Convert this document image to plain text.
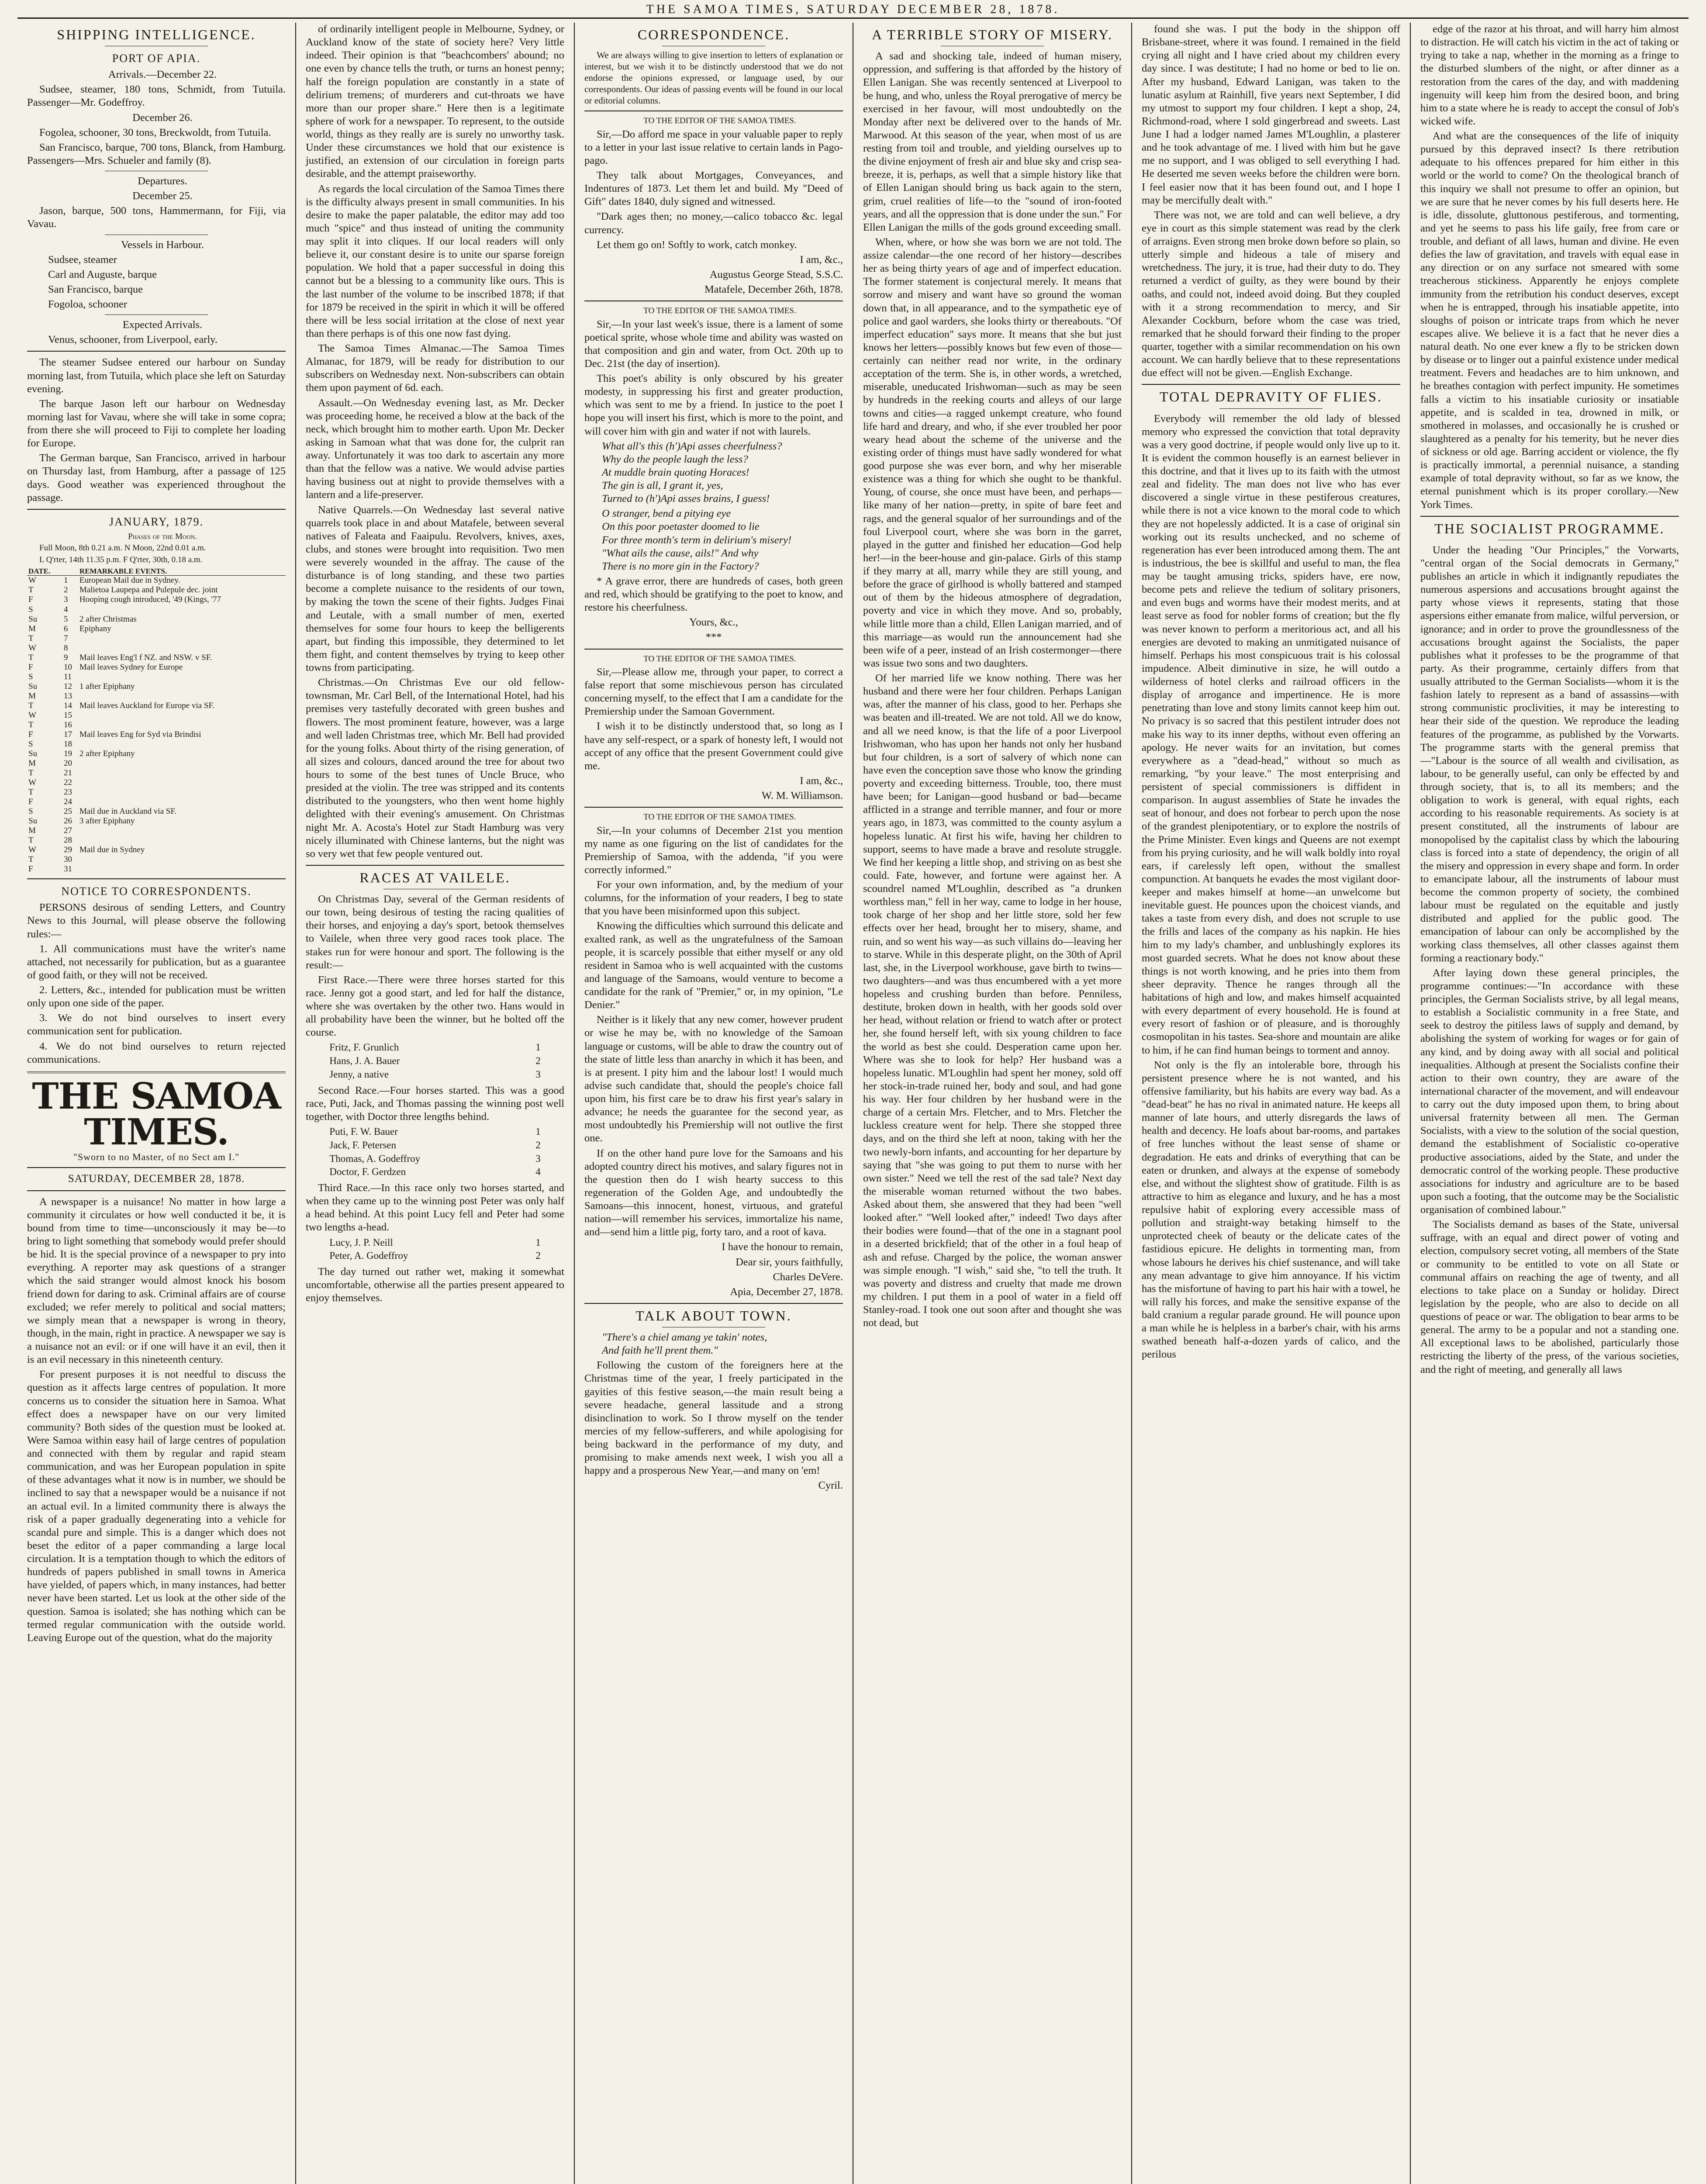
THE SAMOA TIMES, SATURDAY DECEMBER 28, 1878.
SHIPPING INTELLIGENCE.
PORT OF APIA.

Arrivals.—December 22.

Sudsee, steamer, 180 tons, Schmidt, from Tutuila. Passenger—Mr. Godeffroy.

December 26.

Fogolea, schooner, 30 tons, Breckwoldt, from Tutuila.

San Francisco, barque, 700 tons, Blanck, from Hamburg. Passengers—Mrs. Schueler and family (8).

Departures.

December 25.

Jason, barque, 500 tons, Hammermann, for Fiji, via Vavau.

Vessels in Harbour.

Sudsee, steamer

Carl and Auguste, barque

San Francisco, barque

Fogoloa, schooner

Expected Arrivals.

Venus, schooner, from Liverpool, early.

The steamer Sudsee entered our harbour on Sunday morning last, from Tutuila, which place she left on Saturday evening.

The barque Jason left our harbour on Wednesday morning last for Vavau, where she will take in some copra; from there she will proceed to Fiji to complete her loading for Europe.

The German barque, San Francisco, arrived in harbour on Thursday last, from Hamburg, after a passage of 125 days. Good weather was experienced throughout the passage.

JANUARY, 1879.

Phases of the Moon.

Full Moon, 8th 0.21 a.m. N Moon, 22nd 0.01 a.m.

L Q'rter, 14th 11.35 p.m. F Q'rter, 30th, 0.18 a.m.

DATE.		REMARKABLE EVENTS.
W	1	European Mail due in Sydney.
T	2	Malietoa Laupepa and Pulepule dec. joint
F	3	Hooping cough introduced, '49 (Kings, '77
S	4	
Su	5	2 after Christmas
M	6	Epiphany
T	7	
W	8	
T	9	Mail leaves Eng'l f NZ. and NSW. v SF.
F	10	Mail leaves Sydney for Europe
S	11	
Su	12	1 after Epiphany
M	13	
T	14	Mail leaves Auckland for Europe via SF.
W	15	
T	16	
F	17	Mail leaves Eng for Syd via Brindisi
S	18	
Su	19	2 after Epiphany
M	20	
T	21	
W	22	
T	23	
F	24	
S	25	Mail due in Auckland via SF.
Su	26	3 after Epiphany
M	27	
T	28	
W	29	Mail due in Sydney
T	30	
F	31	
NOTICE TO CORRESPONDENTS.

PERSONS desirous of sending Letters, and Country News to this Journal, will please observe the following rules:—

1. All communications must have the writer's name attached, not necessarily for publication, but as a guarantee of good faith, or they will not be received.

2. Letters, &c., intended for publication must be written only upon one side of the paper.

3. We do not bind ourselves to insert every communication sent for publication.

4. We do not bind ourselves to return rejected communications.

THE SAMOA TIMES.
"Sworn to no Master, of no Sect am I."
SATURDAY, DECEMBER 28, 1878.

A newspaper is a nuisance! No matter in how large a community it circulates or how well conducted it be, it is bound from time to time—unconsciously it may be—to bring to light something that somebody would prefer should be hid. It is the special province of a newspaper to pry into everything. A reporter may ask questions of a stranger which the said stranger would almost knock his bosom friend down for daring to ask. Criminal affairs are of course excluded; we refer merely to political and social matters; we simply mean that a newspaper is wrong in theory, though, in the main, right in practice. A newspaper we say is a nuisance not an evil: or if one will have it an evil, then it is an evil necessary in this nineteenth century.

For present purposes it is not needful to discuss the question as it affects large centres of population. It more concerns us to consider the situation here in Samoa. What effect does a newspaper have on our very limited community? Both sides of the question must be looked at. Were Samoa within easy hail of large centres of population and connected with them by regular and rapid steam communication, and was her European population in spite of these advantages what it now is in number, we should be inclined to say that a newspaper would be a nuisance if not an actual evil. In a limited community there is always the risk of a paper gradually degenerating into a vehicle for scandal pure and simple. This is a danger which does not beset the editor of a paper commanding a large local circulation. It is a temptation though to which the editors of hundreds of papers published in small towns in America have yielded, of papers which, in many instances, had better never have been started. Let us look at the other side of the question. Samoa is isolated; she has nothing which can be termed regular communication with the outside world. Leaving Europe out of the question, what do the majority

of ordinarily intelligent people in Melbourne, Sydney, or Auckland know of the state of society here? Very little indeed. Their opinion is that "beachcombers' abound; no one even by chance tells the truth, or turns an honest penny; half the foreign population are constantly in a state of delirium tremens; of murderers and cut-throats we have more than our proper share." Here then is a legitimate sphere of work for a newspaper. To represent, to the outside world, things as they really are is surely no unworthy task. Under these circumstances we hold that our existence is justified, an extension of our circulation in foreign parts desirable, and the attempt praiseworthy.

As regards the local circulation of the Samoa Times there is the difficulty always present in small communities. In his desire to make the paper palatable, the editor may add too much "spice" and thus instead of uniting the community may split it into cliques. If our local readers will only believe it, our constant desire is to unite our sparse foreign population. We hold that a paper successful in doing this cannot but be a blessing to a community like ours. This is the last number of the volume to be inscribed 1878; if that for 1879 be received in the spirit in which it will be offered there will be less social irritation at the close of next year than there perhaps is of this one now fast dying.

The Samoa Times Almanac.—The Samoa Times Almanac, for 1879, will be ready for distribution to our subscribers on Wednesday next. Non-subscribers can obtain them upon payment of 6d. each.

Assault.—On Wednesday evening last, as Mr. Decker was proceeding home, he received a blow at the back of the neck, which brought him to mother earth. Upon Mr. Decker asking in Samoan what that was done for, the culprit ran away. Unfortunately it was too dark to ascertain any more than that the fellow was a native. We would advise parties having business out at night to provide themselves with a lantern and a life-preserver.

Native Quarrels.—On Wednesday last several native quarrels took place in and about Matafele, between several natives of Faleata and Faaipulu. Revolvers, knives, axes, clubs, and stones were brought into requisition. Two men were severely wounded in the affray. The cause of the disturbance is of long standing, and these two parties become a complete nuisance to the residents of our town, by making the town the scene of their fights. Judges Finai and Leutale, with a small number of men, exerted themselves for some four hours to keep the belligerents apart, but finding this impossible, they determined to let them fight, and content themselves by trying to keep other towns from participating.

Christmas.—On Christmas Eve our old fellow-townsman, Mr. Carl Bell, of the International Hotel, had his premises very tastefully decorated with green bushes and flowers. The most prominent feature, however, was a large and well laden Christmas tree, which Mr. Bell had provided for the young folks. About thirty of the rising generation, of all sizes and colours, danced around the tree for about two hours to some of the best tunes of Uncle Bruce, who presided at the violin. The tree was stripped and its contents distributed to the youngsters, who then went home highly delighted with their evening's amusement. On Christmas night Mr. A. Acosta's Hotel zur Stadt Hamburg was very nicely illuminated with Chinese lanterns, but the night was so very wet that few people ventured out.

RACES AT VAILELE.

On Christmas Day, several of the German residents of our town, being desirous of testing the racing qualities of their horses, and enjoying a day's sport, betook themselves to Vailele, when three very good races took place. The stakes run for were honour and sport. The following is the result:—

First Race.—There were three horses started for this race. Jenny got a good start, and led for half the distance, where she was overtaken by the other two. Hans would in all probability have been the winner, but he bolted off the course.

Fritz, F. Grunlich	1
Hans, J. A. Bauer	2
Jenny, a native	3

Second Race.—Four horses started. This was a good race, Puti, Jack, and Thomas passing the winning post well together, with Doctor three lengths behind.

Puti, F. W. Bauer	1
Jack, F. Petersen	2
Thomas, A. Godeffroy	3
Doctor, F. Gerdzen	4

Third Race.—In this race only two horses started, and when they came up to the winning post Peter was only half a head behind. At this point Lucy fell and Peter had some two lengths a-head.

Lucy, J. P. Neill	1
Peter, A. Godeffroy	2

The day turned out rather wet, making it somewhat uncomfortable, otherwise all the parties present appeared to enjoy themselves.

CORRESPONDENCE.

We are always willing to give insertion to letters of explanation or interest, but we wish it to be distinctly understood that we do not endorse the opinions expressed, or language used, by our correspondents. Our ideas of passing events will be found in our local or editorial columns.

TO THE EDITOR OF THE SAMOA TIMES.

Sir,—Do afford me space in your valuable paper to reply to a letter in your last issue relative to certain lands in Pago-pago.

They talk about Mortgages, Conveyances, and Indentures of 1873. Let them let and build. My "Deed of Gift" dates 1840, duly signed and witnessed.

"Dark ages then; no money,—calico tobacco &c. legal currency.

Let them go on! Softly to work, catch monkey.

I am, &c.,

Augustus George Stead, S.S.C.

Matafele, December 26th, 1878.

TO THE EDITOR OF THE SAMOA TIMES.

Sir,—In your last week's issue, there is a lament of some poetical sprite, whose whole time and ability was wasted on that composition and gin and water, from Oct. 20th up to Dec. 21st (the day of insertion).

This poet's ability is only obscured by his greater modesty, in suppressing his first and greater production, which was sent to me by a friend. In justice to the poet I hope you will insert his first, which is more to the point, and will cover him with gin and water if not with laurels.

What all's this (h')Api asses cheerfulness?

Why do the people laugh the less?

At muddle brain quoting Horaces!

The gin is all, I grant it, yes,

Turned to (h')Api asses brains, I guess!

O stranger, bend a pitying eye

On this poor poetaster doomed to lie

For three month's term in delirium's misery!

"What ails the cause, ails!" And why

There is no more gin in the Factory?

* A grave error, there are hundreds of cases, both green and red, which should be gratifying to the poet to know, and restore his cheerfulness.

Yours, &c.,

***

TO THE EDITOR OF THE SAMOA TIMES.

Sir,—Please allow me, through your paper, to correct a false report that some mischievous person has circulated concerning myself, to the effect that I am a candidate for the Premiership under the Samoan Government.

I wish it to be distinctly understood that, so long as I have any self-respect, or a spark of honesty left, I would not accept of any office that the present Government could give me.

I am, &c.,

W. M. Williamson.

TO THE EDITOR OF THE SAMOA TIMES.

Sir,—In your columns of December 21st you mention my name as one figuring on the list of candidates for the Premiership of Samoa, with the addenda, "if you were correctly informed."

For your own information, and, by the medium of your columns, for the information of your readers, I beg to state that you have been misinformed upon this subject.

Knowing the difficulties which surround this delicate and exalted rank, as well as the ungratefulness of the Samoan people, it is scarcely possible that either myself or any old resident in Samoa who is well acquainted with the customs and language of the Samoans, would venture to become a candidate for the rank of "Premier," or, in my opinion, "Le Denier."

Neither is it likely that any new comer, however prudent or wise he may be, with no knowledge of the Samoan language or customs, will be able to draw the country out of the state of little less than anarchy in which it has been, and is at present. I pity him and the labour lost! I would much advise such candidate that, should the people's choice fall upon him, his first care be to draw his first year's salary in advance; he needs the guarantee for the second year, as most undoubtedly his Premiership will not outlive the first one.

If on the other hand pure love for the Samoans and his adopted country direct his motives, and salary figures not in the question then do I wish hearty success to this regeneration of the Golden Age, and undoubtedly the Samoans—this innocent, honest, virtuous, and grateful nation—will remember his services, immortalize his name, and—send him a little pig, forty taro, and a root of kava.

I have the honour to remain,

Dear sir, yours faithfully,

Charles DeVere.

Apia, December 27, 1878.

TALK ABOUT TOWN.

"There's a chiel amang ye takin' notes,

And faith he'll prent them."

Following the custom of the foreigners here at the Christmas time of the year, I freely participated in the gayities of this festive season,—the main result being a severe headache, general lassitude and a strong disinclination to work. So I throw myself on the tender mercies of my fellow-sufferers, and while apologising for being backward in the performance of my duty, and promising to make amends next week, I wish you all a happy and a prosperous New Year,—and many on 'em!

Cyril.

A TERRIBLE STORY OF MISERY.

A sad and shocking tale, indeed of human misery, oppression, and suffering is that afforded by the history of Ellen Lanigan. She was recently sentenced at Liverpool to be hung, and who, unless the Royal prerogative of mercy be exercised in her favour, will most undoubtedly on the Monday after next be delivered over to the hands of Mr. Marwood. At this season of the year, when most of us are resting from toil and trouble, and yielding ourselves up to the divine enjoyment of fresh air and blue sky and crisp sea-breeze, it is, perhaps, as well that a simple history like that of Ellen Lanigan should bring us back again to the stern, grim, cruel realities of life—to the "sound of iron-footed years, and all the oppression that is done under the sun." For Ellen Lanigan the mills of the gods ground exceeding small.

When, where, or how she was born we are not told. The assize calendar—the one record of her history—describes her as being thirty years of age and of imperfect education. The former statement is conjectural merely. It means that sorrow and misery and want have so ground the woman down that, in all appearance, and to the sympathetic eye of police and gaol warders, she looks thirty or thereabouts. "Of imperfect education" says more. It means that she but just knows her letters—possibly knows but few even of those—certainly can neither read nor write, in the ordinary acceptation of the term. She is, in other words, a wretched, miserable, uneducated Irishwoman—such as may be seen by hundreds in the reeking courts and alleys of our large towns and cities—a ragged unkempt creature, who found life hard and dreary, and who, if she ever troubled her poor weary head about the scheme of the universe and the existing order of things must have sadly wondered for what good purpose she was ever born, and why her miserable existence was a thing for which she ought to be thankful. Young, of course, she once must have been, and perhaps—like many of her nation—pretty, in spite of bare feet and rags, and the general squalor of her surroundings and of the foul Liverpool court, where she was born in the garret, played in the gutter and finished her education—God help her!—in the beer-house and gin-palace. Girls of this stamp if they marry at all, marry while they are still young, and before the grace of girlhood is wholly battered and stamped out of them by the hideous atmosphere of degradation, poverty and vice in which they move. And so, probably, while little more than a child, Ellen Lanigan married, and of this marriage—as would run the announcement had she been wife of a peer, instead of an Irish costermonger—there was issue two sons and two daughters.

Of her married life we know nothing. There was her husband and there were her four children. Perhaps Lanigan was, after the manner of his class, good to her. Perhaps she was beaten and ill-treated. We are not told. All we do know, and all we need know, is that the life of a poor Liverpool Irishwoman, who has upon her hands not only her husband but four children, is a sort of salvery of which none can have even the conception save those who know the grinding poverty and exceeding bitterness. Trouble, too, there must have been; for Lanigan—good husband or bad—became afflicted in a strange and terrible manner, and four or more years ago, in 1873, was committed to the county asylum a hopeless lunatic. At first his wife, having her children to support, seems to have made a brave and resolute struggle. We find her keeping a little shop, and striving on as best she could. Fate, however, and fortune were against her. A scoundrel named M'Loughlin, described as "a drunken worthless man," fell in her way, came to lodge in her house, took charge of her shop and her little store, sold her few effects over her head, brought her to misery, shame, and ruin, and so went his way—as such villains do—leaving her to starve. While in this desperate plight, on the 30th of April last, she, in the Liverpool workhouse, gave birth to twins—two daughters—and was thus encumbered with a yet more hopeless and crushing burden than before. Penniless, destitute, broken down in health, with her goods sold over her head, without relation or friend to watch after or protect her, she found herself left, with six young children to face the world as best she could. Desperation came upon her. Where was she to look for help? Her husband was a hopeless lunatic. M'Loughlin had spent her money, sold off her stock-in-trade ruined her, body and soul, and had gone his way. Her four children by her husband were in the charge of a certain Mrs. Fletcher, and to Mrs. Fletcher the luckless creature went for help. There she stopped three days, and on the third she left at noon, taking with her the two newly-born infants, and accounting for her departure by saying that "she was going to put them to nurse with her own sister." Need we tell the rest of the sad tale? Next day the miserable woman returned without the two babes. Asked about them, she answered that they had been "well looked after." "Well looked after," indeed! Two days after their bodies were found—that of the one in a stagnant pool in a deserted brickfield; that of the other in a foul heap of ash and refuse. Charged by the police, the woman answer was simple enough. "I wish," said she, "to tell the truth. It was poverty and distress and cruelty that made me drown my children. I put them in a pool of water in a field off Stanley-road. I took one out soon after and thought she was not dead, but

found she was. I put the body in the shippon off Brisbane-street, where it was found. I remained in the field crying all night and I have cried about my children every day since. I was destitute; I had no home or bed to lie on. After my husband, Edward Lanigan, was taken to the lunatic asylum at Rainhill, five years next September, I did my utmost to support my four children. I kept a shop, 24, Richmond-road, where I sold gingerbread and sweets. Last June I had a lodger named James M'Loughlin, a plasterer and he took advantage of me. I lived with him but he gave me no support, and I was obliged to sell everything I had. He deserted me seven weeks before the children were born. I feel easier now that it has been found out, and I hope I may be mercifully dealt with."

There was not, we are told and can well believe, a dry eye in court as this simple statement was read by the clerk of arraigns. Even strong men broke down before so plain, so utterly simple and hideous a tale of misery and wretchedness. The jury, it is true, had their duty to do. They returned a verdict of guilty, as they were bound by their oaths, and could not, indeed avoid doing. But they coupled with it a strong recommendation to mercy, and Sir Alexander Cockburn, before whom the case was tried, remarked that he should forward their finding to the proper quarter, together with a similar recommendation on his own account. We can hardly believe that to these representations due effect will not be given.—English Exchange.

TOTAL DEPRAVITY OF FLIES.

Everybody will remember the old lady of blessed memory who expressed the conviction that total depravity was a very good doctrine, if people would only live up to it. It is evident the common housefly is an earnest believer in this doctrine, and that it lives up to its faith with the utmost zeal and fidelity. The man does not live who has ever discovered a single virtue in these pestiferous creatures, while there is not a vice known to the moral code to which they are not hopelessly addicted. It is a case of original sin working out its results unchecked, and no scheme of regeneration has ever been introduced among them. The ant is industrious, the bee is skillful and useful to man, the flea may be taught amusing tricks, spiders have, ere now, become pets and relieve the tedium of solitary prisoners, and even bugs and worms have their modest merits, and at least serve as food for nobler forms of creation; but the fly was never known to perform a meritorious act, and all his energies are devoted to making an unmitigated nuisance of himself. Perhaps his most conspicuous trait is his colossal impudence. Albeit diminutive in size, he will outdo a wilderness of hotel clerks and railroad officers in the display of arrogance and impertinence. He is more penetrating than love and stony limits cannot keep him out. No privacy is so sacred that this pestilent intruder does not make his way to its inner depths, without even offering an apology. He never waits for an invitation, but comes everywhere as a "dead-head," without so much as remarking, "by your leave." The most enterprising and persistent of special commissioners is diffident in comparison. In august assemblies of State he invades the seat of honour, and does not forbear to perch upon the nose of the grandest plenipotentiary, or to explore the nostrils of the Prime Minister. Even kings and Queens are not exempt from his prying curiosity, and he will walk boldly into royal ears, if carelessly left open, without the smallest compunction. At banquets he evades the most vigilant door-keeper and makes himself at home—an unwelcome but inevitable guest. He pounces upon the choicest viands, and takes a taste from every dish, and does not scruple to use the frills and laces of the company as his napkin. He hies him to my lady's chamber, and unblushingly explores its most guarded secrets. What he does not know about these things is not worth knowing, and he pries into them from sheer depravity. Thence he ranges through all the habitations of high and low, and makes himself acquainted with every department of every household. He is found at every resort of fashion or of pleasure, and is thoroughly cosmopolitan in his tastes. Sea-shore and mountain are alike to him, if he can find human beings to torment and annoy.

Not only is the fly an intolerable bore, through his persistent presence where he is not wanted, and his offensive familiarity, but his habits are every way bad. As a "dead-beat" he has no rival in animated nature. He keeps all manner of late hours, and utterly disregards the laws of health and decency. He loafs about bar-rooms, and partakes of free lunches without the least sense of shame or degradation. He eats and drinks of everything that can be eaten or drunken, and always at the expense of somebody else, and without the slightest show of gratitude. Filth is as attractive to him as elegance and luxury, and he has a most repulsive habit of exploring every accessible mass of pollution and straight-way betaking himself to the unprotected cheek of beauty or the delicate cates of the fastidious epicure. He delights in tormenting man, from whose labours he derives his chief sustenance, and will take any mean advantage to give him annoyance. If his victim has the misfortune of having to part his hair with a towel, he will rally his forces, and make the sensitive expanse of the bald cranium a regular parade ground. He will pounce upon a man while he is helpless in a barber's chair, with his arms swathed beneath half-a-dozen yards of calico, and the perilous

edge of the razor at his throat, and will harry him almost to distraction. He will catch his victim in the act of taking or trying to take a nap, whether in the morning as a fringe to the disturbed slumbers of the night, or after dinner as a restoration from the cares of the day, and with maddening ingenuity will keep him from the desired boon, and bring him to a state where he is ready to accept the consul of Job's wicked wife.

And what are the consequences of the life of iniquity pursued by this depraved insect? Is there retribution adequate to his offences prepared for him either in this world or the world to come? On the theological branch of this inquiry we shall not presume to offer an opinion, but we are sure that he never comes by his full deserts here. He is idle, dissolute, gluttonous pestiferous, and tormenting, and yet he seems to pass his life gaily, free from care or trouble, and defiant of all laws, human and divine. He even defies the law of gravitation, and travels with equal ease in any direction or on any surface not smeared with some treacherous stickiness. Apparently he enjoys complete immunity from the retribution his conduct deserves, except when he is entrapped, through his insatiable appetite, into sloughs of poison or intricate traps from which he never escapes alive. We believe it is a fact that he never dies a natural death. No one ever knew a fly to be stricken down by disease or to linger out a painful existence under medical treatment. Fevers and headaches are to him unknown, and he breathes contagion with perfect impunity. He sometimes falls a victim to his insatiable curiosity or insatiable appetite, and is scalded in tea, drowned in milk, or smothered in molasses, and occasionally he is crushed or slaughtered as a penalty for his temerity, but he never dies of sickness or old age. Barring accident or violence, the fly is practically immortal, a perennial nuisance, a standing example of total depravity without, so far as we know, the eternal punishment which is its proper corollary.—New York Times.

THE SOCIALIST PROGRAMME.

Under the heading "Our Principles," the Vorwarts, "central organ of the Social democrats in Germany," publishes an article in which it indignantly repudiates the numerous aspersions and accusations brought against the party whose views it represents, stating that those aspersions either emanate from malice, wilful perversion, or ignorance; and in order to prove the groundlessness of the accusations brought against the Socialists, the paper publishes what it professes to be the programme of that party. As their programme, certainly differs from that usually attributed to the German Socialists—whom it is the fashion lately to represent as a band of assassins—with strong communistic proclivities, it may be interesting to hear their side of the question. We reproduce the leading features of the programme, as published by the Vorwarts. The programme starts with the general premiss that—"Labour is the source of all wealth and civilisation, as labour, to be generally useful, can only be effected by and through society, that is, to all its members; and the obligation to work is general, with equal rights, each according to his reasonable requirements. As society is at present constituted, all the instruments of labour are monopolised by the capitalist class by which the labouring class is forced into a state of dependency, the origin of all the misery and oppression in every shape and form. In order to emancipate labour, all the instruments of labour must become the common property of society, the combined labour must be regulated on the equitable and justly distributed and applied for the public good. The emancipation of labour can only be accomplished by the working class themselves, all other classes against them forming a reactionary body."

After laying down these general principles, the programme continues:—"In accordance with these principles, the German Socialists strive, by all legal means, to establish a Socialistic community in a free State, and seek to destroy the pitiless laws of supply and demand, by abolishing the system of working for wages or for gain of any kind, and by doing away with all social and political inequalities. Although at present the Socialists confine their action to their own country, they are aware of the international character of the movement, and will endeavour to carry out the duty imposed upon them, to bring about universal fraternity between all men. The German Socialists, with a view to the solution of the social question, demand the establishment of Socialistic co-operative productive associations, aided by the State, and under the democratic control of the working people. These productive associations for industry and agriculture are to be based upon such a footing, that the outcome may be the Socialistic organisation of combined labour."

The Socialists demand as bases of the State, universal suffrage, with an equal and direct power of voting and election, compulsory secret voting, all members of the State or community to be entitled to vote on all State or communal affairs on reaching the age of twenty, and all elections to take place on a Sunday or holiday. Direct legislation by the people, who are also to decide on all questions of peace or war. The obligation to bear arms to be general. The army to be a popular and not a standing one. All exceptional laws to be abolished, particularly those restricting the liberty of the press, of the various societies, and the right of meeting, and generally all laws
